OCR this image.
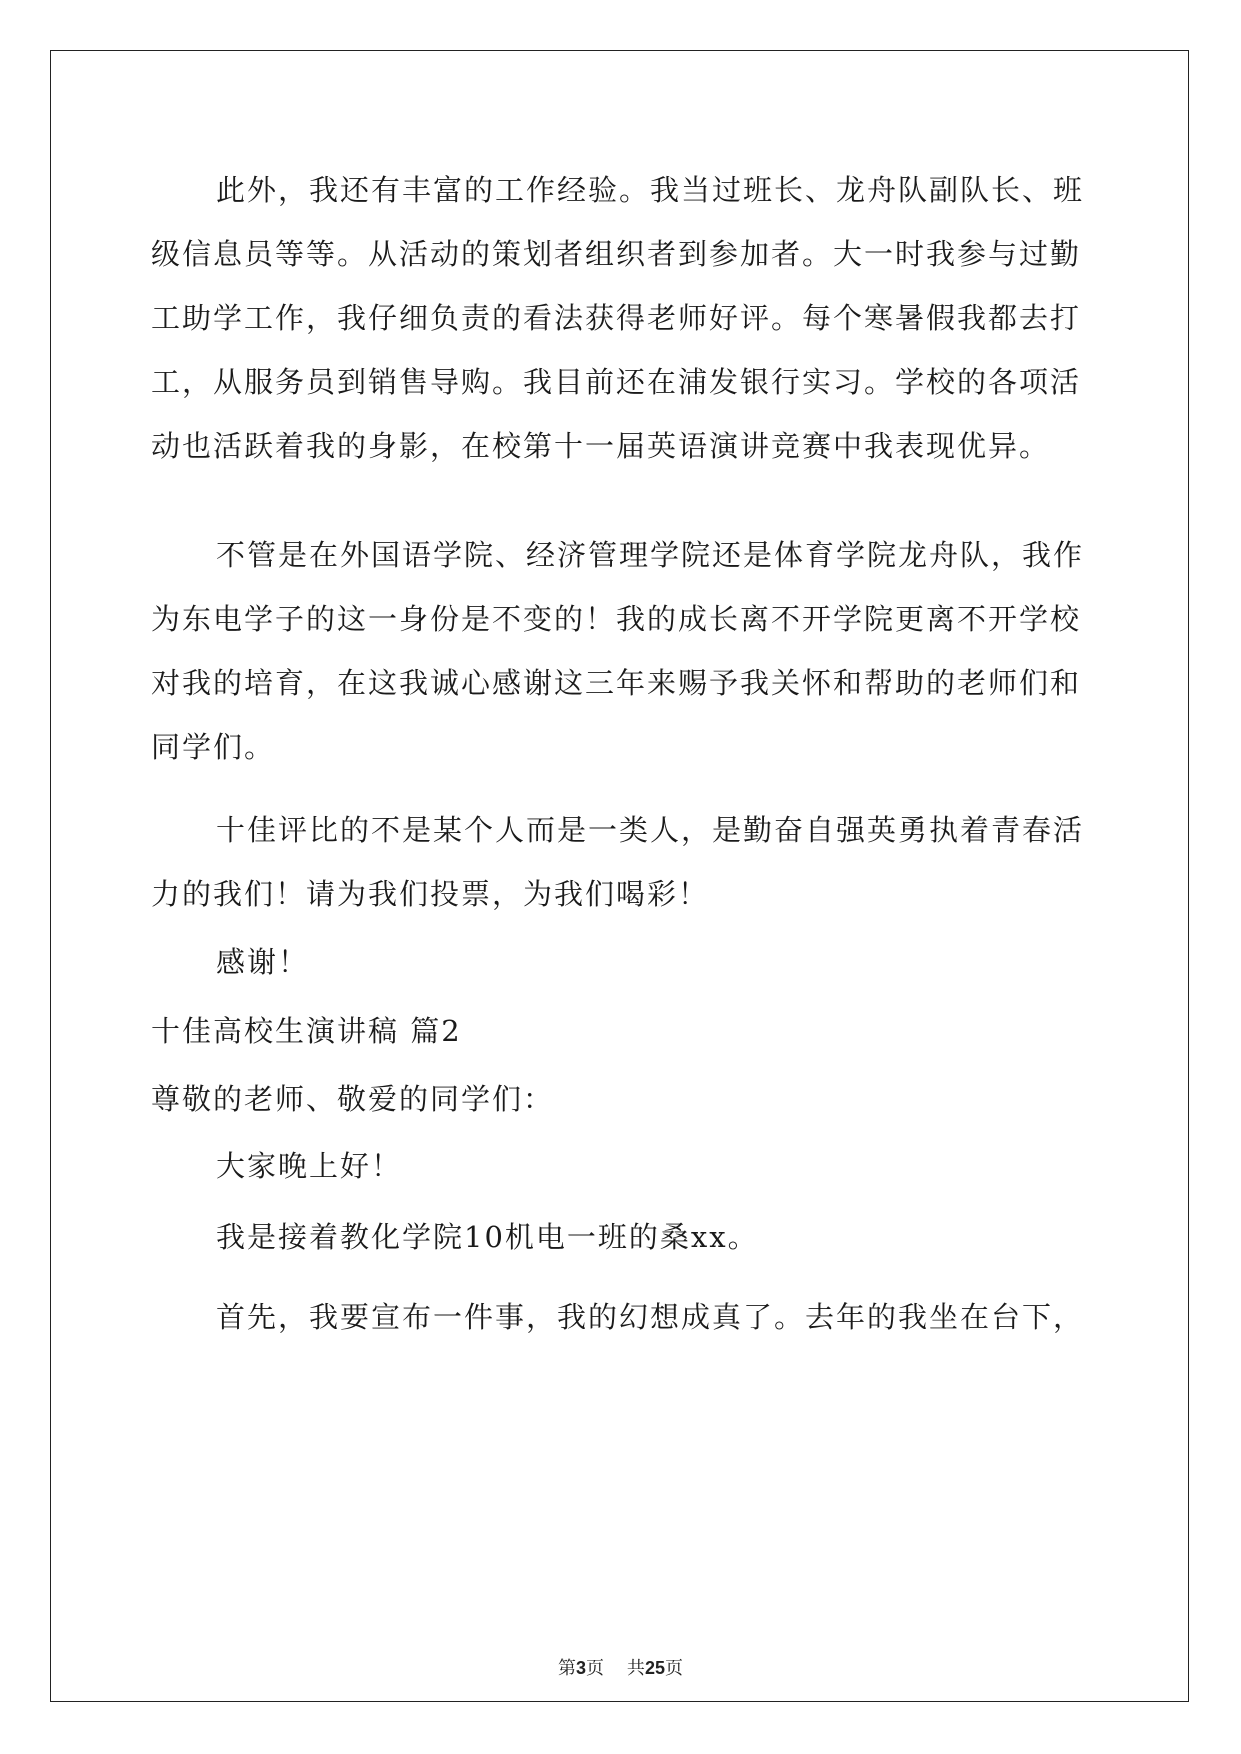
此外，我还有丰富的工作经验。我当过班长、龙舟队副队长、班
级信息员等等。从活动的策划者组织者到参加者。大一时我参与过勤
工助学工作，我仔细负责的看法获得老师好评。每个寒暑假我都去打
工，从服务员到销售导购。我目前还在浦发银行实习。学校的各项活
动也活跃着我的身影，在校第十一届英语演讲竞赛中我表现优异。
不管是在外国语学院、经济管理学院还是体育学院龙舟队，我作
为东电学子的这一身份是不变的！我的成长离不开学院更离不开学校
对我的培育，在这我诚心感谢这三年来赐予我关怀和帮助的老师们和
同学们。
十佳评比的不是某个人而是一类人，是勤奋自强英勇执着青春活
力的我们！请为我们投票，为我们喝彩！
感谢！
十佳高校生演讲稿 篇2
尊敬的老师、敬爱的同学们：
大家晚上好！
我是接着教化学院10机电一班的桑xx。
首先，我要宣布一件事，我的幻想成真了。去年的我坐在台下，
第3页    共25页
